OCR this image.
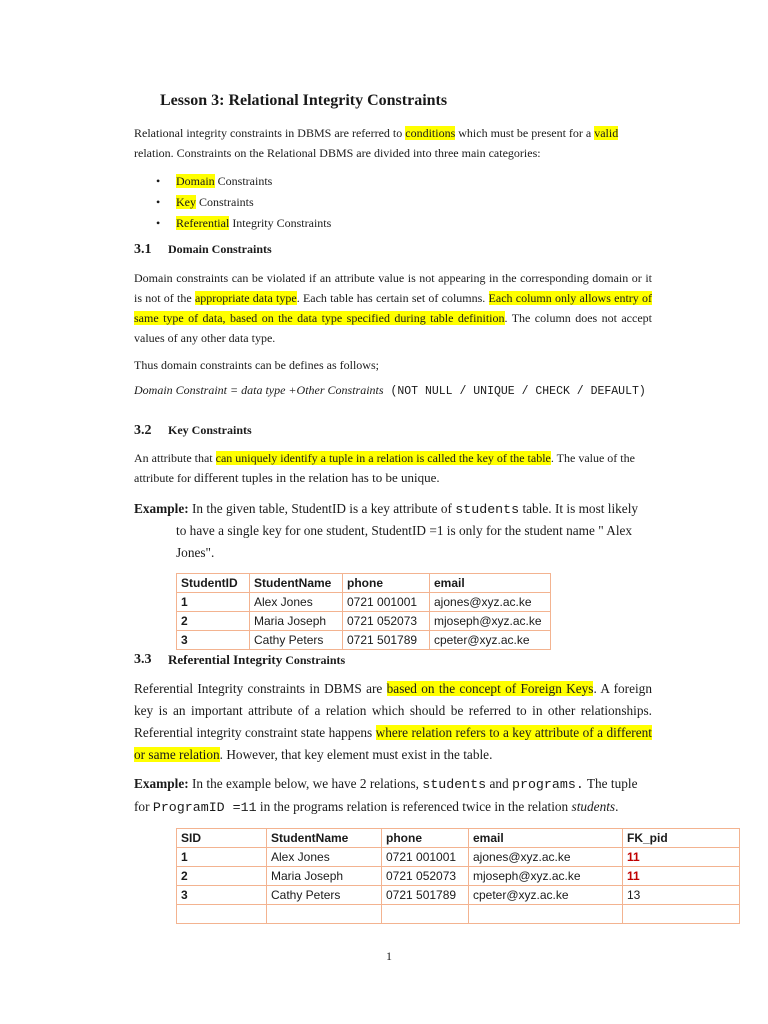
Lesson 3: Relational Integrity Constraints

Relational integrity constraints in DBMS are referred to conditions which must be present for a valid relation. Constraints on the Relational DBMS are divided into three main categories:

• Domain Constraints
• Key Constraints
• Referential Integrity Constraints
3.1 Domain Constraints

Domain constraints can be violated if an attribute value is not appearing in the corresponding domain or it is not of the appropriate data type. Each table has certain set of columns. Each column only allows entry of same type of data, based on the data type specified during table definition. The column does not accept values of any other data type.

Thus domain constraints can be defines as follows;

Domain Constraint = data type +Other Constraints (NOT NULL / UNIQUE / CHECK / DEFAULT)

3.2 Key Constraints

An attribute that can uniquely identify a tuple in a relation is called the key of the table. The value of the attribute for different tuples in the relation has to be unique.

Example: In the given table, StudentID is a key attribute of students table. It is most likely

to have a single key for one student, StudentID =1 is only for the student name " Alex Jones".

StudentID	StudentName	phone	email
1	Alex Jones	0721 001001	ajones@xyz.ac.ke
2	Maria Joseph	0721 052073	mjoseph@xyz.ac.ke
3	Cathy Peters	0721 501789	cpeter@xyz.ac.ke
3.3 Referential Integrity Constraints

Referential Integrity constraints in DBMS are based on the concept of Foreign Keys. A foreign key is an important attribute of a relation which should be referred to in other relationships. Referential integrity constraint state happens where relation refers to a key attribute of a different or same relation. However, that key element must exist in the table.

Example: In the example below, we have 2 relations, students and programs. The tuple for ProgramID =11 in the programs relation is referenced twice in the relation students.

SID	StudentName	phone	email	FK_pid
1	Alex Jones	0721 001001	ajones@xyz.ac.ke	11
2	Maria Joseph	0721 052073	mjoseph@xyz.ac.ke	11
3	Cathy Peters	0721 501789	cpeter@xyz.ac.ke	13

1
